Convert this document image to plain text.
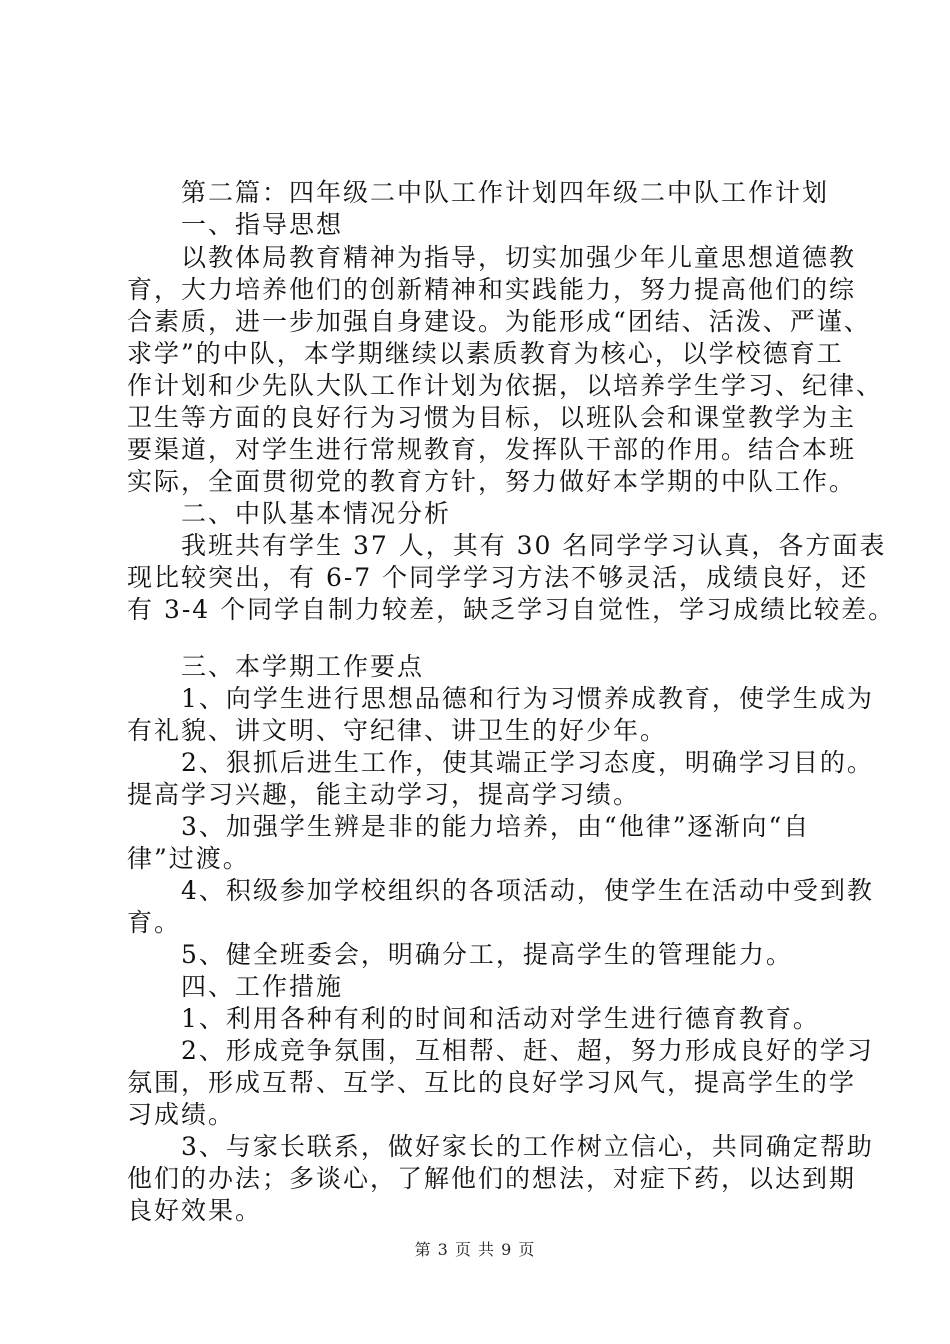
第二篇：四年级二中队工作计划四年级二中队工作计划
一、指导思想
以教体局教育精神为指导，切实加强少年儿童思想道德教
育，大力培养他们的创新精神和实践能力，努力提高他们的综
合素质，进一步加强自身建设。为能形成“团结、活泼、严谨、
求学”的中队，本学期继续以素质教育为核心，以学校德育工
作计划和少先队大队工作计划为依据，以培养学生学习、纪律、
卫生等方面的良好行为习惯为目标，以班队会和课堂教学为主
要渠道，对学生进行常规教育，发挥队干部的作用。结合本班
实际，全面贯彻党的教育方针，努力做好本学期的中队工作。
二、中队基本情况分析
我班共有学生 37 人，其有 30 名同学学习认真，各方面表
现比较突出，有 6-7 个同学学习方法不够灵活，成绩良好，还
有 3-4 个同学自制力较差，缺乏学习自觉性，学习成绩比较差。
三、本学期工作要点
1、向学生进行思想品德和行为习惯养成教育，使学生成为
有礼貌、讲文明、守纪律、讲卫生的好少年。
2、狠抓后进生工作，使其端正学习态度，明确学习目的。
提高学习兴趣，能主动学习，提高学习绩。
3、加强学生辨是非的能力培养，由“他律”逐渐向“自
律”过渡。
4、积级参加学校组织的各项活动，使学生在活动中受到教
育。
5、健全班委会，明确分工，提高学生的管理能力。
四、工作措施
1、利用各种有利的时间和活动对学生进行德育教育。
2、形成竞争氛围，互相帮、赶、超，努力形成良好的学习
氛围，形成互帮、互学、互比的良好学习风气，提高学生的学
习成绩。
3、与家长联系，做好家长的工作树立信心，共同确定帮助
他们的办法；多谈心，了解他们的想法，对症下药，以达到期
良好效果。
第 3 页 共 9 页
